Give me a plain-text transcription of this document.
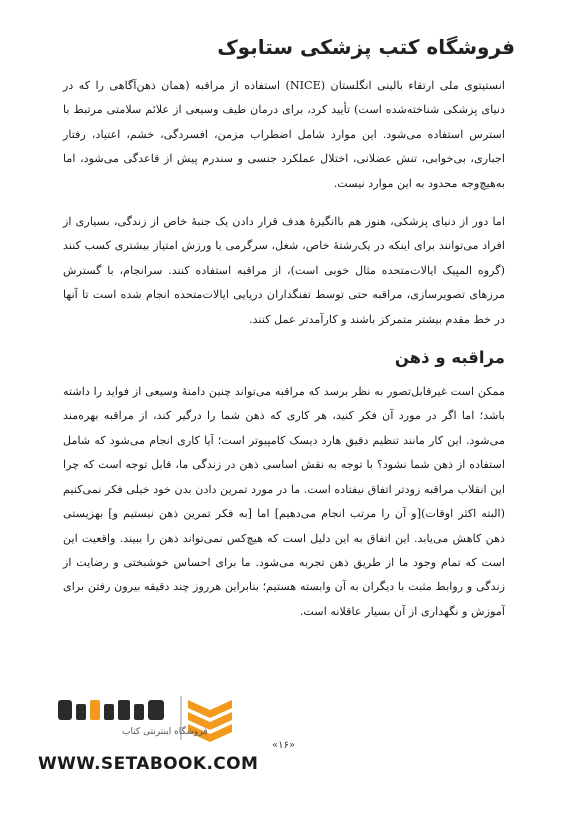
فروشگاه کتب پزشکی ستابوک

انستیتوی ملی ارتقاء بالینی انگلستان (NICE) استفاده از مراقبه (همان ذهن‌آگاهی را که در دنیای پزشکی شناخته‌شده است) تأیید کرد، برای درمان طیف وسیعی از علائم سلامتی مرتبط با استرس استفاده می‌شود. این موارد شامل اضطراب مزمن، افسردگی، خشم، اعتیاد، رفتار اجباری، بی‌خوابی، تنش عضلانی، اختلال عملکرد جنسی و سندرم پیش از قاعدگی می‌شود، اما به‌هیچ‌وجه محدود به این موارد نیست.

اما دور از دنیای پزشکی، هنوز هم باانگیزۀ هدف قرار دادن یک جنبۀ خاص از زندگی، بسیاری از افراد می‌توانند برای اینکه در یک‌رشتۀ خاص، شغل، سرگرمی یا ورزش امتیاز بیشتری کسب کنند (گروه المپیک ایالات‌متحده مثال خوبی است)، از مراقبه استفاده کنند. سرانجام، با گسترش مرزهای تصویرسازی، مراقبه حتی توسط تفنگداران دریایی ایالات‌متحده انجام شده است تا آنها در خط مقدم بیشتر متمرکز باشند و کارآمدتر عمل کنند.

مراقبه و ذهن

ممکن است غیرقابل‌تصور به نظر برسد که مراقبه می‌تواند چنین دامنۀ وسیعی از فواید را داشته باشد؛ اما اگر در مورد آن فکر کنید، هر کاری که ذهن شما را درگیر کند، از مراقبه بهره‌مند می‌شود. این کار مانند تنظیم دقیق هارد دیسک کامپیوتر است؛ آیا کاری انجام می‌شود که شامل استفاده از ذهن شما نشود؟ با توجه به نقش اساسی ذهن در زندگی ما، قابل توجه است که چرا این انقلاب مراقبه زودتر اتفاق نیفتاده است. ما در مورد تمرین دادن بدن خود خیلی فکر نمی‌کنیم (البته اکثر اوقات)[و آن را مرتب انجام می‌دهیم] اما [به فکر تمرین ذهن نیستیم و] بهزیستی ذهن کاهش می‌یابد. این اتفاق به این دلیل است که هیچ‌کس نمی‌تواند ذهن را ببیند. واقعیت این است که تمام وجود ما از طریق ذهن تجربه می‌شود. ما برای احساس خوشبختی و رضایت از زندگی و روابط مثبت با دیگران به آن وابسته هستیم؛ بنابراین هرروز چند دقیقه بیرون رفتن برای آموزش و نگهداری از آن بسیار عاقلانه است.

فروشگاه اینترنتی کتاب
«۱۶»
WWW.SETABOOK.COM
